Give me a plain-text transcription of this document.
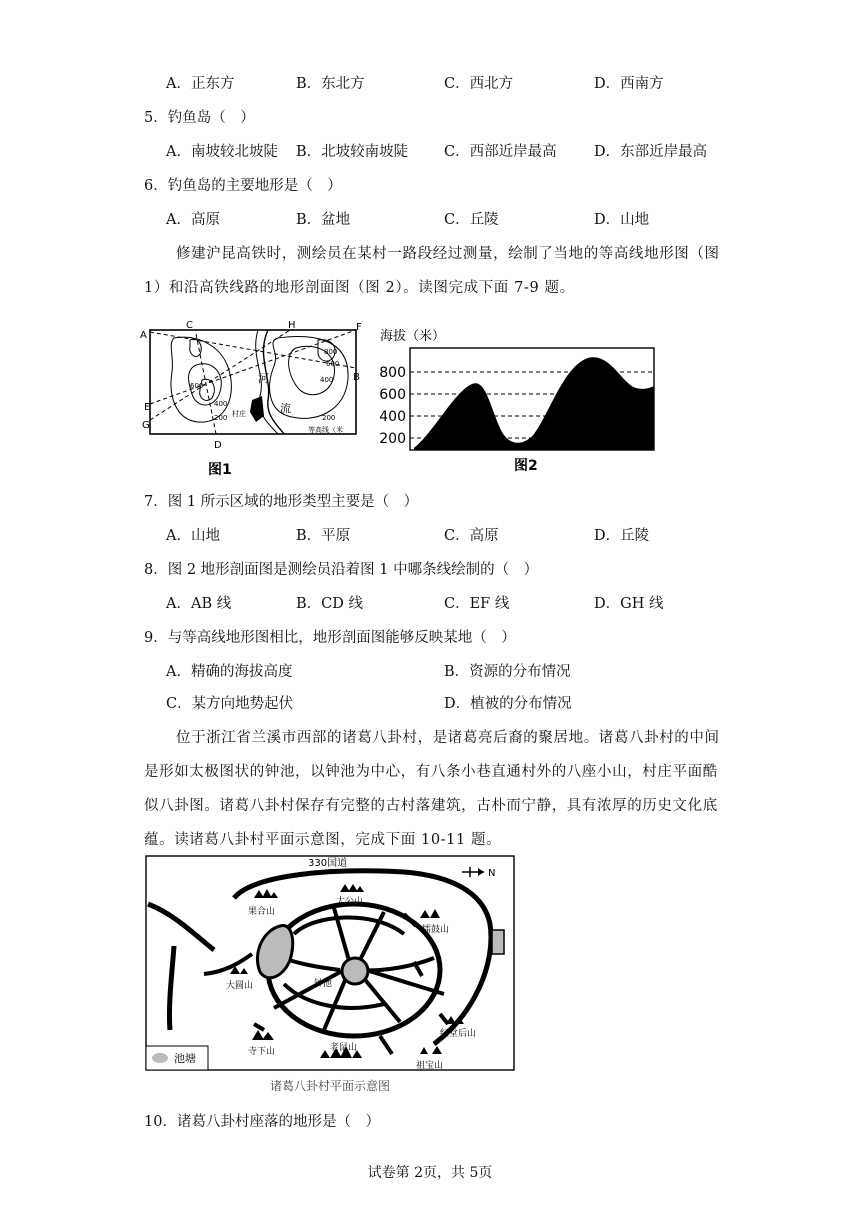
A．正东方	B．东北方	C．西北方	D．西南方
5．钓鱼岛（　）
A．南坡较北坡陡 B．北坡较南坡陡 C．西部近岸最高	D．东部近岸最高
6．钓鱼岛的主要地形是（　）
A．高原	B．盆地	C．丘陵	D．山地
修建沪昆高铁时，测绘员在某村一路段经过测量，绘制了当地的等高线地形图（图
1）和沿高铁线路的地形剖面图（图 2）。读图完成下面 7-9 题。
A
B
C
D
E
F
G
H
800
600
400
600
400
200
河
流
村庄	200
等高线（米
图1
海拔（米）
800
600
400
200
图2
7．图 1 所示区域的地形类型主要是（　）
A．山地	B．平原	C．高原	D．丘陵
8．图 2 地形剖面图是测绘员沿着图 1 中哪条线绘制的（　）
A．AB 线	B．CD 线	C．EF 线	D．GH 线
9．与等高线地形图相比，地形剖面图能够反映某地（　）
A．精确的海拔高度	B．资源的分布情况
C．某方向地势起伏	D．植被的分布情况
位于浙江省兰溪市西部的诸葛八卦村，是诸葛亮后裔的聚居地。诸葛八卦村的中间
是形如太极图状的钟池，以钟池为中心，有八条小巷直通村外的八座小山，村庄平面酷
似八卦图。诸葛八卦村保存有完整的古村落建筑，古朴而宁静，具有浓厚的历史文化底
蕴。读诸葛八卦村平面示意图，完成下面 10-11 题。
N
330国道
果合山
太公山
擂鼓山
大圆山	钟池
经堂后山
寺下山	老鼠山
祖宝山
池塘
诸葛八卦村平面示意图
10．诸葛八卦村座落的地形是（　）
试卷第 2页，共 5页
